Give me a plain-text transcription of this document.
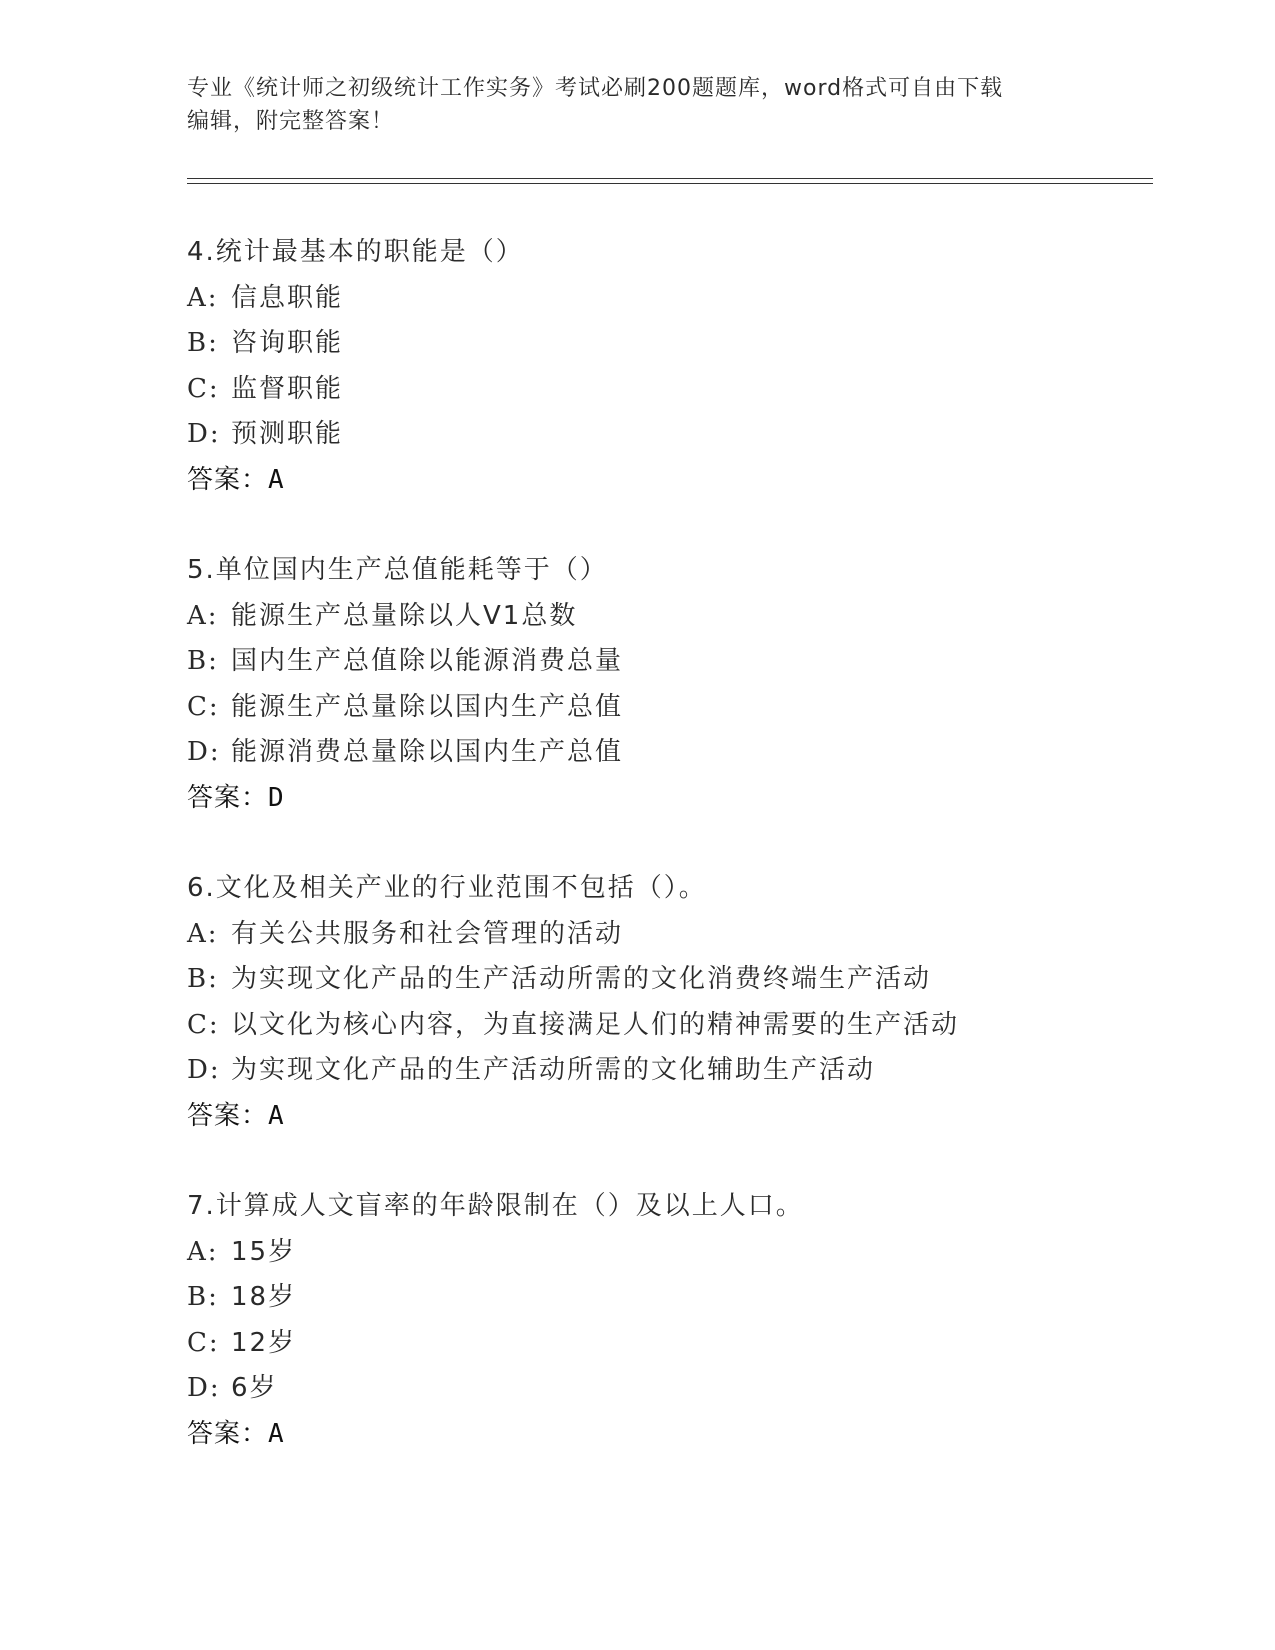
专业《统计师之初级统计工作实务》考试必刷200题题库，word格式可自由下载
编辑，附完整答案！
4.统计最基本的职能是（）
A: 信息职能
B: 咨询职能
C: 监督职能
D: 预测职能
答案：A
5.单位国内生产总值能耗等于（）
A: 能源生产总量除以人V1总数
B: 国内生产总值除以能源消费总量
C: 能源生产总量除以国内生产总值
D: 能源消费总量除以国内生产总值
答案：D
6.文化及相关产业的行业范围不包括（）。
A: 有关公共服务和社会管理的活动
B: 为实现文化产品的生产活动所需的文化消费终端生产活动
C: 以文化为核心内容，为直接满足人们的精神需要的生产活动
D: 为实现文化产品的生产活动所需的文化辅助生产活动
答案：A
7.计算成人文盲率的年龄限制在（）及以上人口。
A: 15岁
B: 18岁
C: 12岁
D: 6岁
答案：A
